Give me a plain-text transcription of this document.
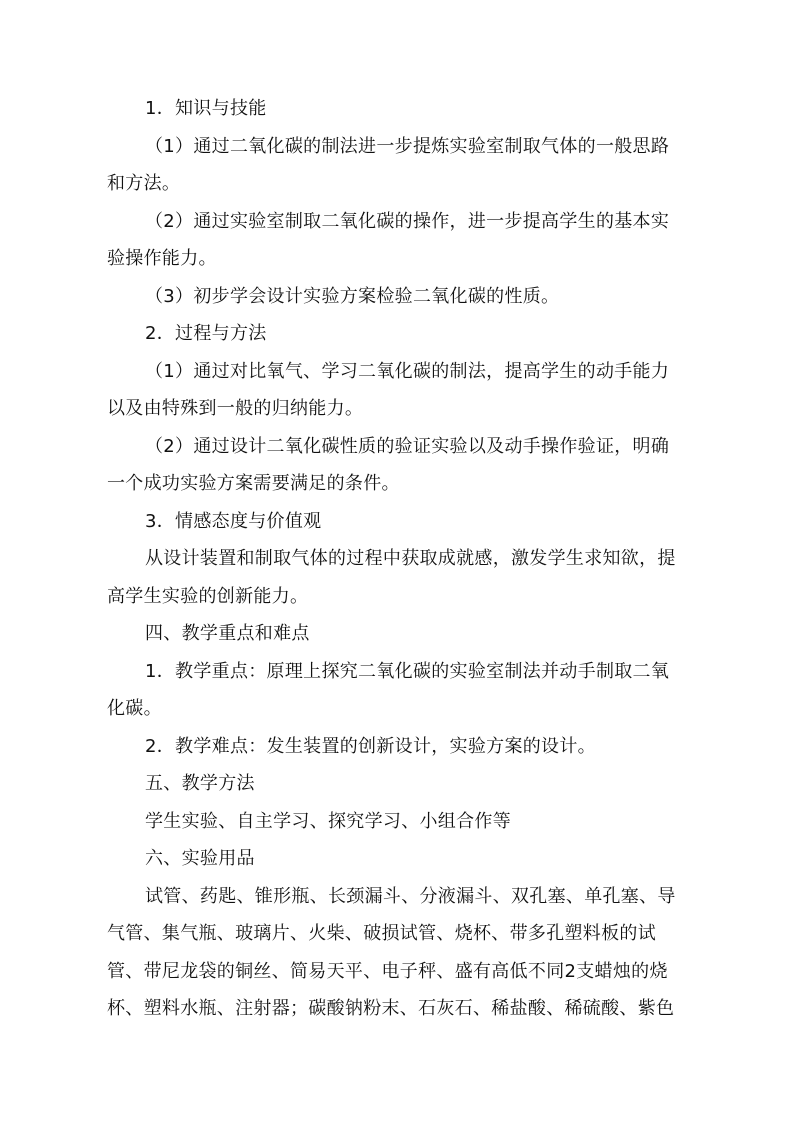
1．知识与技能
（1）通过二氧化碳的制法进一步提炼实验室制取气体的一般思路
和方法。
（2）通过实验室制取二氧化碳的操作，进一步提高学生的基本实
验操作能力。
（3）初步学会设计实验方案检验二氧化碳的性质。
2．过程与方法
（1）通过对比氧气、学习二氧化碳的制法，提高学生的动手能力
以及由特殊到一般的归纳能力。
（2）通过设计二氧化碳性质的验证实验以及动手操作验证，明确
一个成功实验方案需要满足的条件。
3．情感态度与价值观
从设计装置和制取气体的过程中获取成就感，激发学生求知欲，提
高学生实验的创新能力。
四、教学重点和难点
1．教学重点：原理上探究二氧化碳的实验室制法并动手制取二氧
化碳。
2．教学难点：发生装置的创新设计，实验方案的设计。
五、教学方法
学生实验、自主学习、探究学习、小组合作等
六、实验用品
试管、药匙、锥形瓶、长颈漏斗、分液漏斗、双孔塞、单孔塞、导
气管、集气瓶、玻璃片、火柴、破损试管、烧杯、带多孔塑料板的试
管、带尼龙袋的铜丝、简易天平、电子秤、盛有高低不同2支蜡烛的烧
杯、塑料水瓶、注射器；碳酸钠粉末、石灰石、稀盐酸、稀硫酸、紫色
